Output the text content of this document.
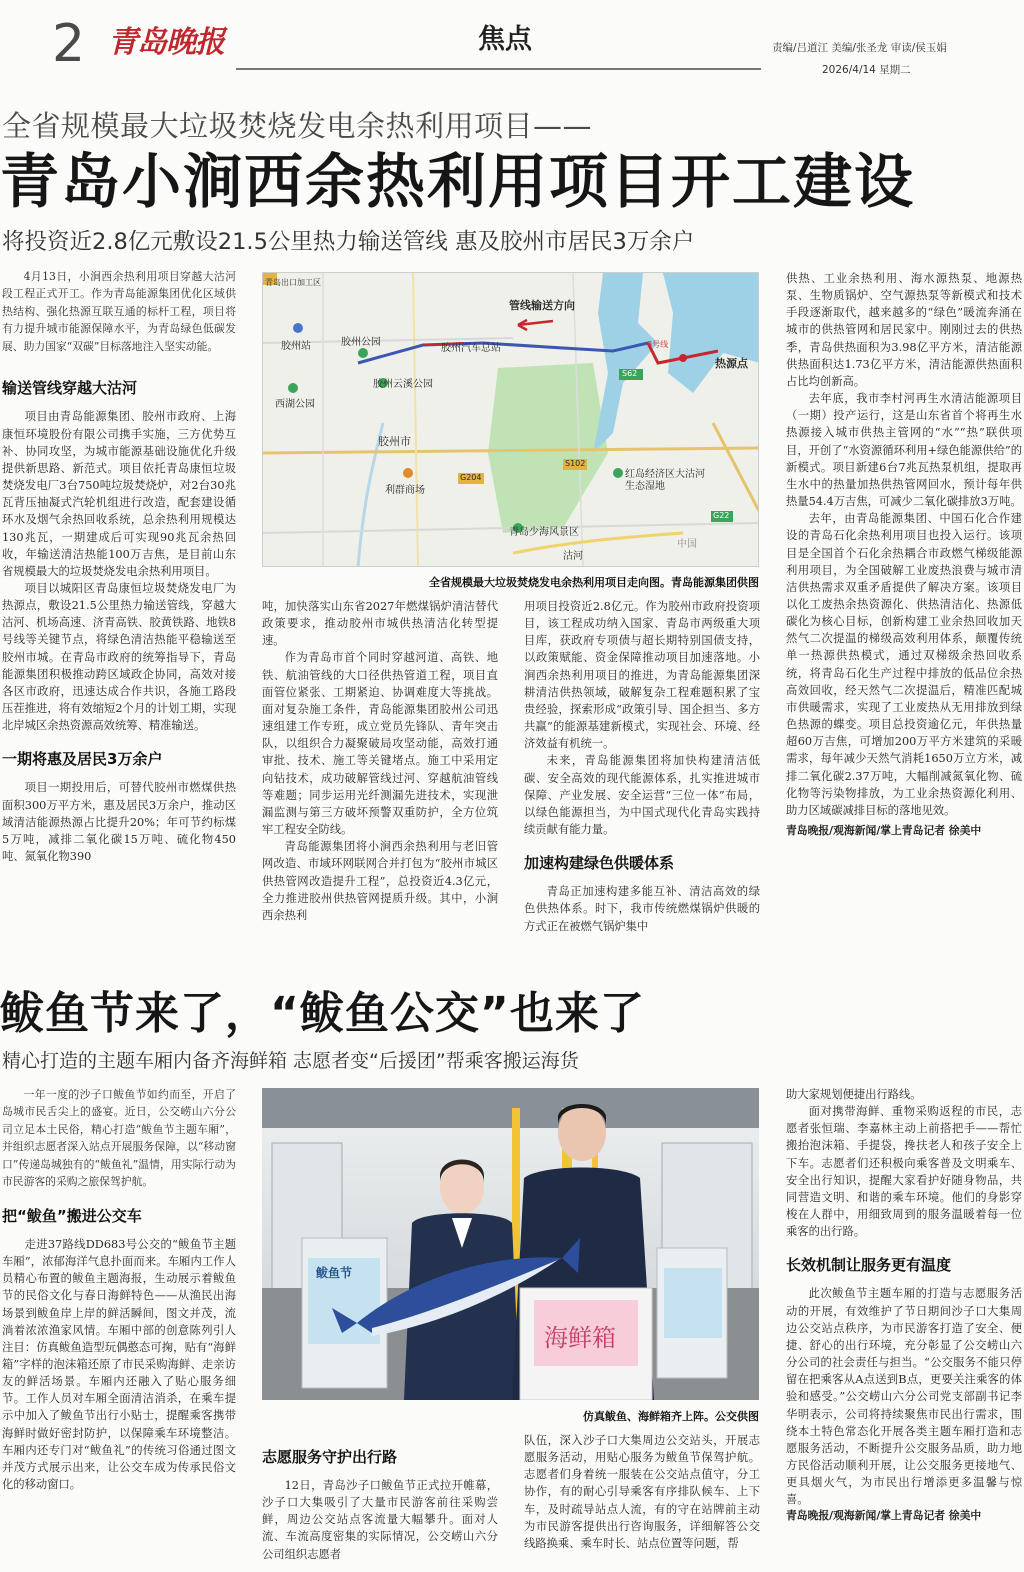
2 青岛晚报	焦点	责编/吕道江 美编/张圣龙 审读/侯玉娟
2026/4/14 星期二
全省规模最大垃圾焚烧发电余热利用项目——
青岛小涧西余热利用项目开工建设
将投资近2.8亿元敷设21.5公里热力输送管线 惠及胶州市居民3万余户

4月13日，小涧西余热利用项目穿越大沽河段工程正式开工。作为青岛能源集团优化区域供热结构、强化热源互联互通的标杆工程，项目将有力提升城市能源保障水平，为青岛绿色低碳发展、助力国家“双碳”目标落地注入坚实动能。

输送管线穿越大沽河

项目由青岛能源集团、胶州市政府、上海康恒环境股份有限公司携手实施，三方优势互补、协同攻坚，为城市能源基础设施优化升级提供新思路、新范式。项目依托青岛康恒垃圾焚烧发电厂3台750吨垃圾焚烧炉，对2台30兆瓦背压抽凝式汽轮机组进行改造，配套建设循环水及烟气余热回收系统，总余热利用规模达130兆瓦，一期建成后可实现90兆瓦余热回收，年输送清洁热能100万吉焦，是目前山东省规模最大的垃圾焚烧发电余热利用项目。

项目以城阳区青岛康恒垃圾焚烧发电厂为热源点，敷设21.5公里热力输送管线，穿越大沽河、机场高速、济青高铁、胶黄铁路、地铁8号线等关键节点，将绿色清洁热能平稳输送至胶州市城。在青岛市政府的统筹指导下，青岛能源集团积极推动跨区域政企协同，高效对接各区市政府，迅速达成合作共识，各施工路段压茬推进，将有效缩短2个月的计划工期，实现北岸城区余热资源高效统筹、精准输送。

一期将惠及居民3万余户

项目一期投用后，可替代胶州市燃煤供热面积300万平方米，惠及居民3万余户，推动区域清洁能源热源占比提升20%；年可节约标煤5万吨，减排二氧化碳15万吨、硫化物450吨、氮氧化物390

青岛出口加工区
管线输送方向
热源点
胶州站	胶州公园
胶州汽车总站
胶州云溪公园
西湖公园
胶州市
利群商场
红岛经济区大沽河生态湿地
青岛少海风景区
中国
G204
S102
S62
G22
8号线
沽河
全省规模最大垃圾焚烧发电余热利用项目走向图。青岛能源集团供图

吨，加快落实山东省2027年燃煤锅炉清洁替代政策要求，推动胶州市城供热清洁化转型提速。

作为青岛市首个同时穿越河道、高铁、地铁、航油管线的大口径供热管道工程，项目直面管位紧张、工期紧迫、协调难度大等挑战。面对复杂施工条件，青岛能源集团胶州公司迅速组建工作专班，成立党员先锋队、青年突击队，以组织合力凝聚破局攻坚动能，高效打通审批、技术、施工等关键堵点。施工中采用定向钻技术，成功破解管线过河、穿越航油管线等难题；同步运用光纤测漏先进技术，实现泄漏监测与第三方破坏预警双重防护，全方位筑牢工程安全防线。

青岛能源集团将小涧西余热利用与老旧管网改造、市域环网联网合并打包为“胶州市城区供热管网改造提升工程”，总投资近4.3亿元，全力推进胶州供热管网提质升级。其中，小涧西余热利

用项目投资近2.8亿元。作为胶州市政府投资项目，该工程成功纳入国家、青岛市两级重大项目库，获政府专项债与超长期特别国债支持，以政策赋能、资金保障推动项目加速落地。小涧西余热利用项目的推进，为青岛能源集团深耕清洁供热领域，破解复杂工程难题积累了宝贵经验，探索形成“政策引导、国企担当、多方共赢”的能源基建新模式，实现社会、环境、经济效益有机统一。

未来，青岛能源集团将加快构建清洁低碳、安全高效的现代能源体系，扎实推进城市保障、产业发展、安全运营“三位一体”布局，以绿色能源担当，为中国式现代化青岛实践持续贡献有能力量。

加速构建绿色供暖体系

青岛正加速构建多能互补、清洁高效的绿色供热体系。时下，我市传统燃煤锅炉供暖的方式正在被燃气锅炉集中

供热、工业余热利用、海水源热泵、地源热泵、生物质锅炉、空气源热泵等新模式和技术手段逐渐取代，越来越多的“绿色”暖流奔涌在城市的供热管网和居民家中。刚刚过去的供热季，青岛供热面积为3.98亿平方米，清洁能源供热面积达1.73亿平方米，清洁能源供热面积占比均创新高。

去年底，我市李村河再生水清洁能源项目（一期）投产运行，这是山东省首个将再生水热源接入城市供热主管网的“水”“热”联供项目，开创了“水资源循环利用+绿色能源供给”的新模式。项目新建6台7兆瓦热泵机组，提取再生水中的热量加热供热管网回水，预计每年供热量54.4万吉焦，可减少二氧化碳排放3万吨。

去年，由青岛能源集团、中国石化合作建设的青岛石化余热利用项目也投入运行。该项目是全国首个石化余热耦合市政燃气梯级能源利用项目，为全国破解工业废热浪费与城市清洁供热需求双重矛盾提供了解决方案。该项目以化工废热余热资源化、供热清洁化、热源低碳化为核心目标，创新构建工业余热回收加天然气二次提温的梯级高效利用体系，颠覆传统单一热源供热模式，通过双梯级余热回收系统，将青岛石化生产过程中排放的低品位余热高效回收，经天然气二次提温后，精准匹配城市供暖需求，实现了工业废热从无用排放到绿色热源的蝶变。项目总投资逾亿元，年供热量超60万吉焦，可增加200万平方米建筑的采暖需求，每年减少天然气消耗1650万立方米，减排二氧化碳2.37万吨，大幅削减氮氧化物、硫化物等污染物排放，为工业余热资源化利用、助力区域碳减排目标的落地见效。

青岛晚报/观海新闻/掌上青岛记者 徐美中

鲅鱼节来了，“鲅鱼公交”也来了
精心打造的主题车厢内备齐海鲜箱 志愿者变“后援团”帮乘客搬运海货

一年一度的沙子口鲅鱼节如约而至，开启了岛城市民舌尖上的盛宴。近日，公交崂山六分公司立足本土民俗，精心打造“鲅鱼节主题车厢”，并组织志愿者深入站点开展服务保障，以“移动窗口”传递岛城独有的“鲅鱼礼”温情，用实际行动为市民游客的采购之旅保驾护航。

把“鲅鱼”搬进公交车

走进37路线DD683号公交的“鲅鱼节主题车厢”，浓郁海洋气息扑面而来。车厢内工作人员精心布置的鲅鱼主题海报，生动展示着鲅鱼节的民俗文化与春日海鲜特色——从渔民出海场景到鲅鱼岸上岸的鲜活瞬间，图文并茂，流淌着浓浓渔家风情。车厢中部的创意陈列引人注目：仿真鲅鱼造型玩偶憨态可掬，贴有“海鲜箱”字样的泡沫箱还原了市民采购海鲜、走亲访友的鲜活场景。车厢内还融入了贴心服务细节。工作人员对车厢全面清洁消杀，在乘车提示中加入了鲅鱼节出行小贴士，提醒乘客携带海鲜时做好密封防护，以保障乘车环境整洁。车厢内还专门对“鲅鱼礼”的传统习俗通过图文并茂方式展示出来，让公交车成为传承民俗文化的移动窗口。

海鲜箱
鲅鱼节
仿真鲅鱼、海鲜箱齐上阵。公交供图
志愿服务守护出行路

12日，青岛沙子口鲅鱼节正式拉开帷幕，沙子口大集吸引了大量市民游客前往采购尝鲜，周边公交站点客流量大幅攀升。面对人流、车流高度密集的实际情况，公交崂山六分公司组织志愿者

队伍，深入沙子口大集周边公交站头，开展志愿服务活动，用贴心服务为鲅鱼节保驾护航。志愿者们身着统一服装在公交站点值守，分工协作，有的耐心引导乘客有序排队候车、上下车，及时疏导站点人流，有的守在站牌前主动为市民游客提供出行咨询服务，详细解答公交线路换乘、乘车时长、站点位置等问题，帮

助大家规划便捷出行路线。

面对携带海鲜、重物采购返程的市民，志愿者张恒瑞、李嘉林主动上前搭把手——帮忙搬抬泡沫箱、手提袋，搀扶老人和孩子安全上下车。志愿者们还积极向乘客普及文明乘车、安全出行知识，提醒大家看护好随身物品，共同营造文明、和谐的乘车环境。他们的身影穿梭在人群中，用细致周到的服务温暖着每一位乘客的出行路。

长效机制让服务更有温度

此次鲅鱼节主题车厢的打造与志愿服务活动的开展，有效维护了节日期间沙子口大集周边公交站点秩序，为市民游客打造了安全、便捷、舒心的出行环境，充分彰显了公交崂山六分公司的社会责任与担当。“公交服务不能只停留在把乘客从A点送到B点，更要关注乘客的体验和感受。”公交崂山六分公司党支部副书记李华明表示，公司将持续聚焦市民出行需求，围绕本土特色常态化开展各类主题车厢打造和志愿服务活动，不断提升公交服务品质，助力地方民俗活动顺利开展，让公交服务更接地气、更具烟火气，为市民出行增添更多温馨与惊喜。

青岛晚报/观海新闻/掌上青岛记者 徐美中
